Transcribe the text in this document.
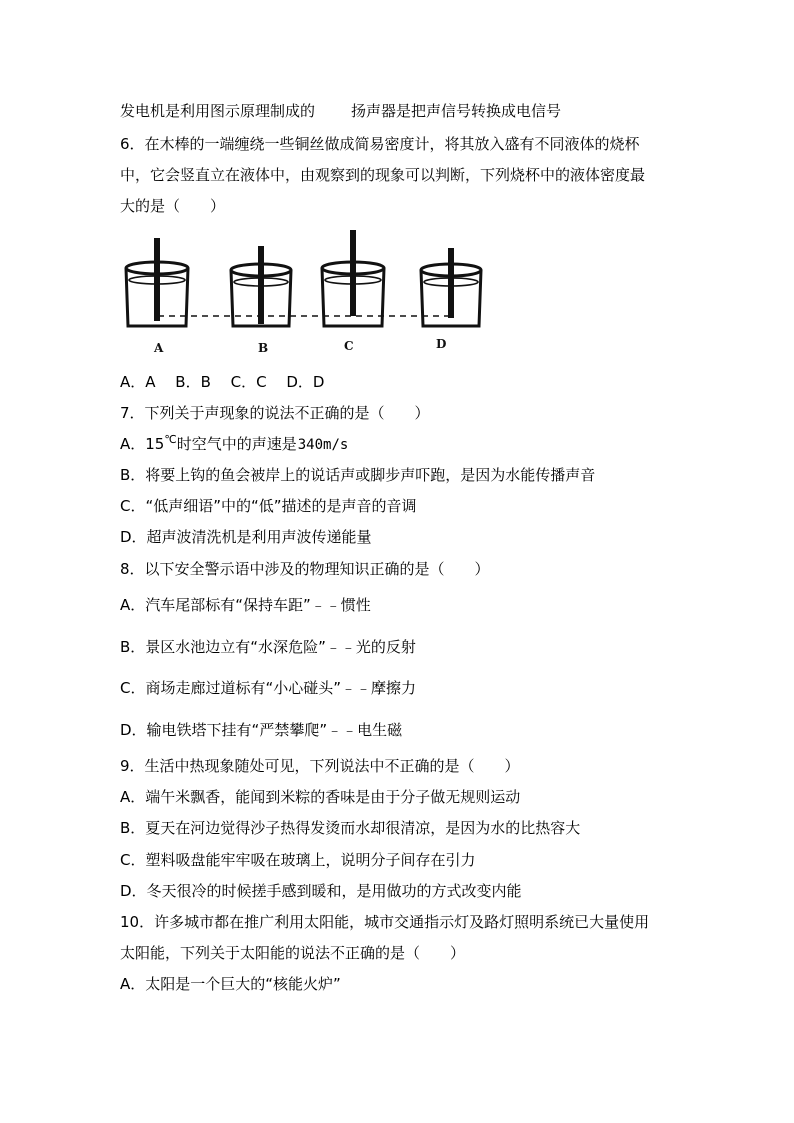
发电机是利用图示原理制成的 扬声器是把声信号转换成电信号
6．在木棒的一端缠绕一些铜丝做成简易密度计，将其放入盛有不同液体的烧杯
中，它会竖直立在液体中，由观察到的现象可以判断，下列烧杯中的液体密度最
大的是（　　）
A	B	C	D
A．A　 B．B　 C．C　 D．D
7．下列关于声现象的说法不正确的是（　　）
A．15℃时空气中的声速是340m/s
B．将要上钩的鱼会被岸上的说话声或脚步声吓跑，是因为水能传播声音
C．“低声细语”中的“低”描述的是声音的音调
D．超声波清洗机是利用声波传递能量
8．以下安全警示语中涉及的物理知识正确的是（　　）
A．汽车尾部标有“保持车距”﹣﹣惯性
B．景区水池边立有“水深危险”﹣﹣光的反射
C．商场走廊过道标有“小心碰头”﹣﹣摩擦力
D．输电铁塔下挂有“严禁攀爬”﹣﹣电生磁
9．生活中热现象随处可见，下列说法中不正确的是（　　）
A．端午米飘香，能闻到米粽的香味是由于分子做无规则运动
B．夏天在河边觉得沙子热得发烫而水却很清凉，是因为水的比热容大
C．塑料吸盘能牢牢吸在玻璃上，说明分子间存在引力
D．冬天很冷的时候搓手感到暖和，是用做功的方式改变内能
10．许多城市都在推广利用太阳能，城市交通指示灯及路灯照明系统已大量使用
太阳能，下列关于太阳能的说法不正确的是（　　）
A．太阳是一个巨大的“核能火炉”
